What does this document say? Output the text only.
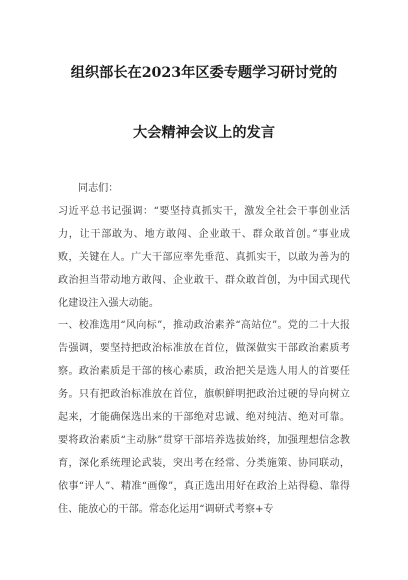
组织部长在2023年区委专题学习研讨党的
大会精神会议上的发言

同志们：

习近平总书记强调：“要坚持真抓实干，激发全社会干事创业活力，让干部敢为、地方敢闯、企业敢干、群众敢首创。”事业成败，关键在人。广大干部应率先垂范、真抓实干，以敢为善为的政治担当带动地方敢闯、企业敢干、群众敢首创，为中国式现代化建设注入强大动能。

一、校准选用“风向标”，推动政治素养“高站位”。党的二十大报告强调，要坚持把政治标准放在首位，做深做实干部政治素质考察。政治素质是干部的核心素质，政治把关是选人用人的首要任务。只有把政治标准放在首位，旗帜鲜明把政治过硬的导向树立起来，才能确保选出来的干部绝对忠诚、绝对纯洁、绝对可靠。要将政治素质“主动脉”贯穿干部培养选拔始终，加强理想信念教育，深化系统理论武装，突出考在经常、分类施策、协同联动，依事“评人”、精准“画像”，真正选出用好在政治上站得稳、靠得住、能放心的干部。常态化运用“调研式考察+专
